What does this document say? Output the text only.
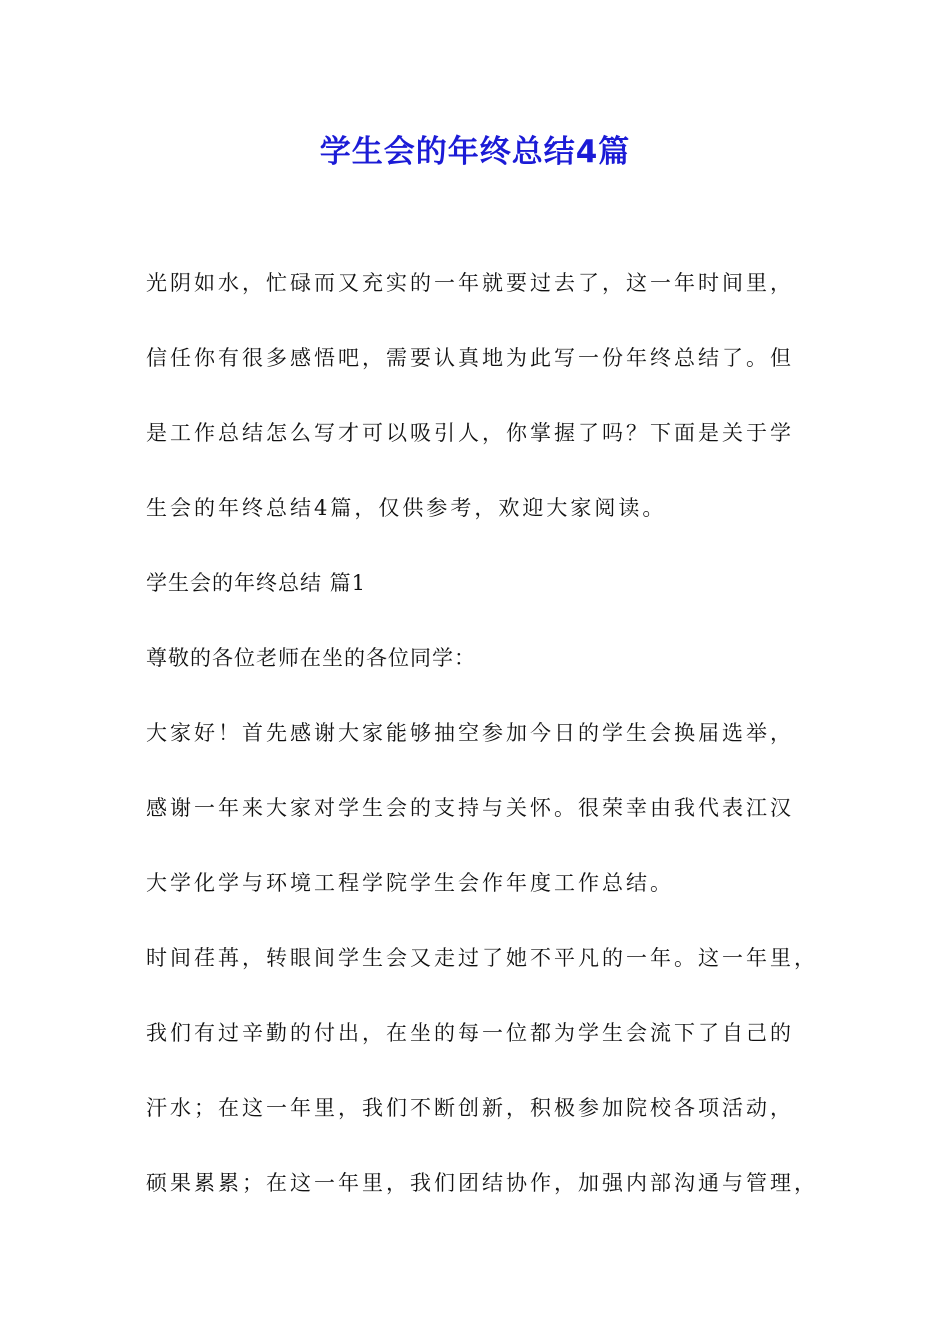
学生会的年终总结4篇
光阴如水，忙碌而又充实的一年就要过去了，这一年时间里，
信任你有很多感悟吧，需要认真地为此写一份年终总结了。但
是工作总结怎么写才可以吸引人，你掌握了吗？下面是关于学
生会的年终总结4篇，仅供参考，欢迎大家阅读。
学生会的年终总结 篇1
尊敬的各位老师在坐的各位同学：
大家好！首先感谢大家能够抽空参加今日的学生会换届选举，
感谢一年来大家对学生会的支持与关怀。很荣幸由我代表江汉
大学化学与环境工程学院学生会作年度工作总结。
时间荏苒，转眼间学生会又走过了她不平凡的一年。这一年里，
我们有过辛勤的付出，在坐的每一位都为学生会流下了自己的
汗水；在这一年里，我们不断创新，积极参加院校各项活动，
硕果累累；在这一年里，我们团结协作，加强内部沟通与管理，
